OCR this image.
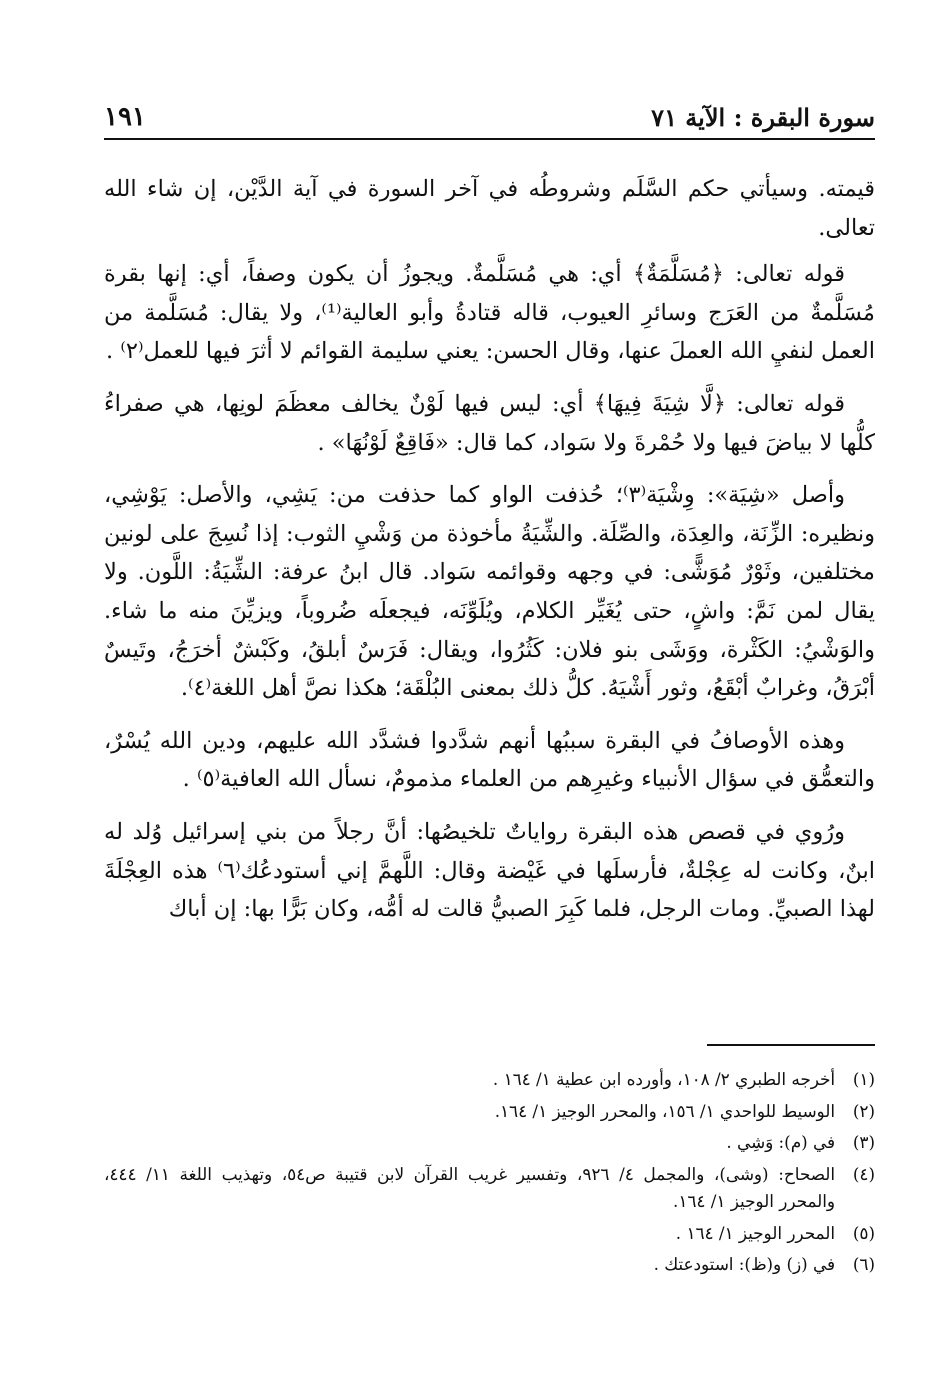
سورة البقرة : الآية ٧١
١٩١

قيمته. وسيأتي حكم السَّلَم وشروطُه في آخر السورة في آية الدَّيْن، إن شاء الله تعالى.

قوله تعالى: ﴿مُسَلَّمَةٌ﴾ أي: هي مُسَلَّمةٌ. ويجوزُ أن يكون وصفاً، أي: إنها بقرة مُسَلَّمةٌ من العَرَج وسائرِ العيوب، قاله قتادةُ وأبو العالية⁽¹⁾، ولا يقال: مُسَلَّمة من العمل لنفيِ الله العملَ عنها، وقال الحسن: يعني سليمة القوائم لا أثرَ فيها للعمل⁽٢⁾ .

قوله تعالى: ﴿لَّا شِيَةَ فِيهَا﴾ أي: ليس فيها لَوْنٌ يخالف معظَمَ لونِها، هي صفراءُ كلُّها لا بياضَ فيها ولا حُمْرةَ ولا سَواد، كما قال: «فَاقِعٌ لَوْنُهَا» .

وأصل «شِيَة»: وِشْيَة⁽٣⁾؛ حُذفت الواو كما حذفت من: يَشِي، والأصل: يَوْشِي، ونظيره: الزِّنَة، والعِدَة، والصِّلَة. والشِّيَةُ مأخوذة من وَشْيِ الثوب: إذا نُسِجَ على لونين مختلفين، وثَوْرٌ مُوَشًّى: في وجهه وقوائمه سَواد. قال ابنُ عرفة: الشِّيَةُ: اللَّون. ولا يقال لمن نَمَّ: واشٍ، حتى يُغَيِّر الكلام، ويُلَوِّنَه، فيجعلَه ضُروباً، ويزيِّنَ منه ما شاء. والوَشْيُ: الكَثْرة، ووَشَى بنو فلان: كَثُرُوا، ويقال: فَرَسٌ أبلقُ، وكَبْشٌ أخرَجُ، وتَيسٌ أبْرَقُ، وغرابٌ أبْقَعُ، وثور أَشْيَهُ. كلُّ ذلك بمعنى البُلْقَة؛ هكذا نصَّ أهل اللغة⁽٤⁾.

وهذه الأوصافُ في البقرة سببُها أنهم شدَّدوا فشدَّد الله عليهم، ودين الله يُسْرٌ، والتعمُّق في سؤال الأنبياء وغيرِهم من العلماء مذمومٌ، نسأل الله العافية⁽٥⁾ .

ورُوي في قصص هذه البقرة رواياتٌ تلخيصُها: أنَّ رجلاً من بني إسرائيل وُلد له ابنٌ، وكانت له عِجْلةٌ، فأرسلَها في غَيْضة وقال: اللَّهمَّ إني أستودعُك⁽٦⁾ هذه العِجْلَةَ لهذا الصبيِّ. ومات الرجل، فلما كَبِرَ الصبيُّ قالت له أمُّه، وكان بَرًّا بها: إن أباك

(١)
أخرجه الطبري ٢/ ١٠٨، وأورده ابن عطية ١/ ١٦٤ .
(٢)
الوسيط للواحدي ١/ ١٥٦، والمحرر الوجيز ١/ ١٦٤.
(٣)
في (م): وَشِي .
(٤)
الصحاح: (وشى)، والمجمل ٤/ ٩٢٦، وتفسير غريب القرآن لابن قتيبة ص٥٤، وتهذيب اللغة ١١/ ٤٤٤، والمحرر الوجيز ١/ ١٦٤.
(٥)
المحرر الوجيز ١/ ١٦٤ .
(٦)
في (ز) و(ظ): استودعتك .
